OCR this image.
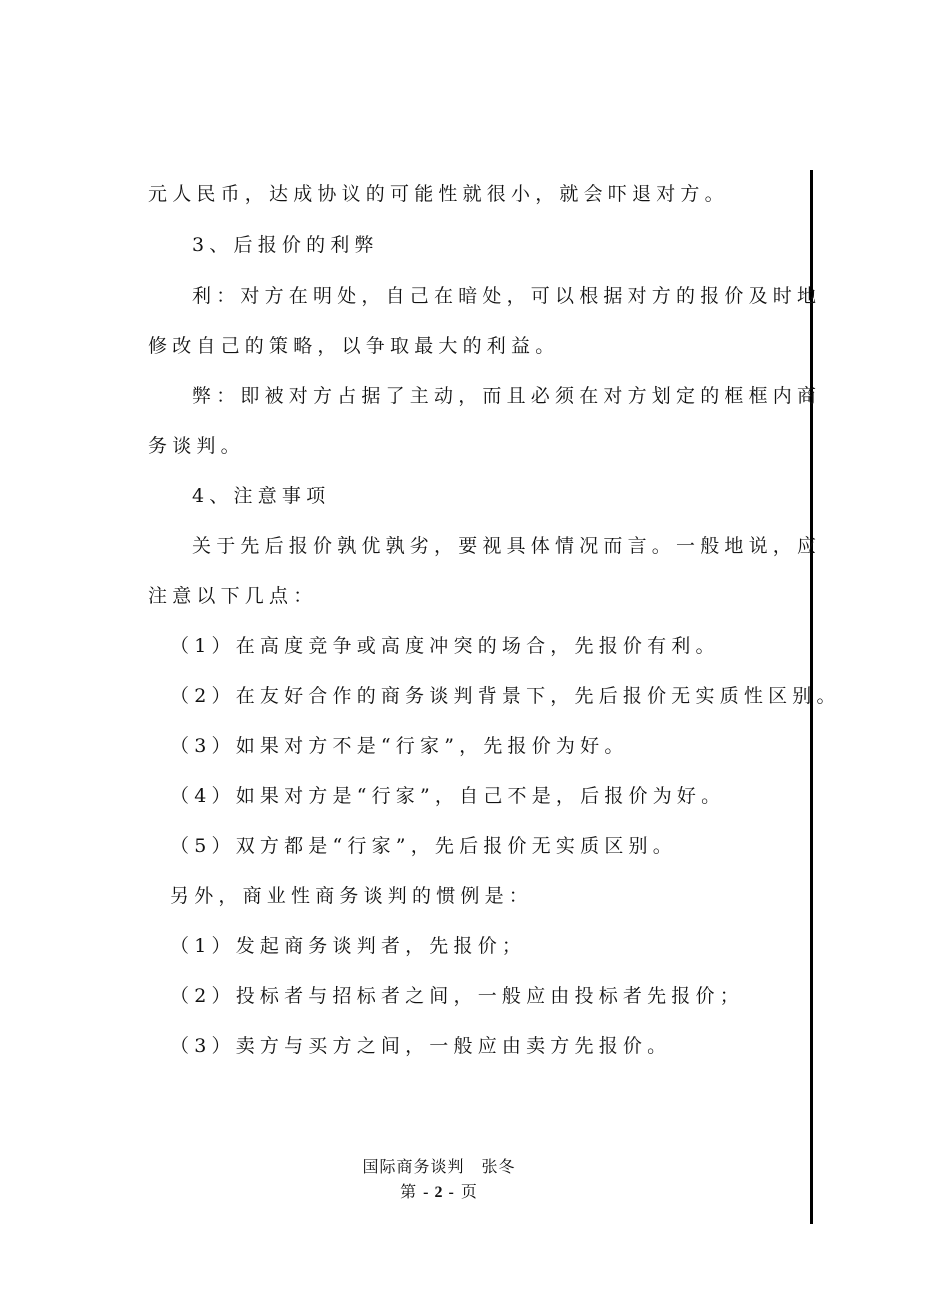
元人民币，达成协议的可能性就很小，就会吓退对方。
3、后报价的利弊
利：对方在明处，自己在暗处，可以根据对方的报价及时地
修改自己的策略，以争取最大的利益。
弊：即被对方占据了主动，而且必须在对方划定的框框内商
务谈判。
4、注意事项
关于先后报价孰优孰劣，要视具体情况而言。一般地说，应
注意以下几点：
（1）在高度竞争或高度冲突的场合，先报价有利。
（2）在友好合作的商务谈判背景下，先后报价无实质性区别。
（3）如果对方不是“行家”，先报价为好。
（4）如果对方是“行家”，自己不是，后报价为好。
（5）双方都是“行家”，先后报价无实质区别。
另外，商业性商务谈判的惯例是：
（1）发起商务谈判者，先报价；
（2）投标者与招标者之间，一般应由投标者先报价；
（3）卖方与买方之间，一般应由卖方先报价。
国际商务谈判　张冬
第 - 2 - 页
